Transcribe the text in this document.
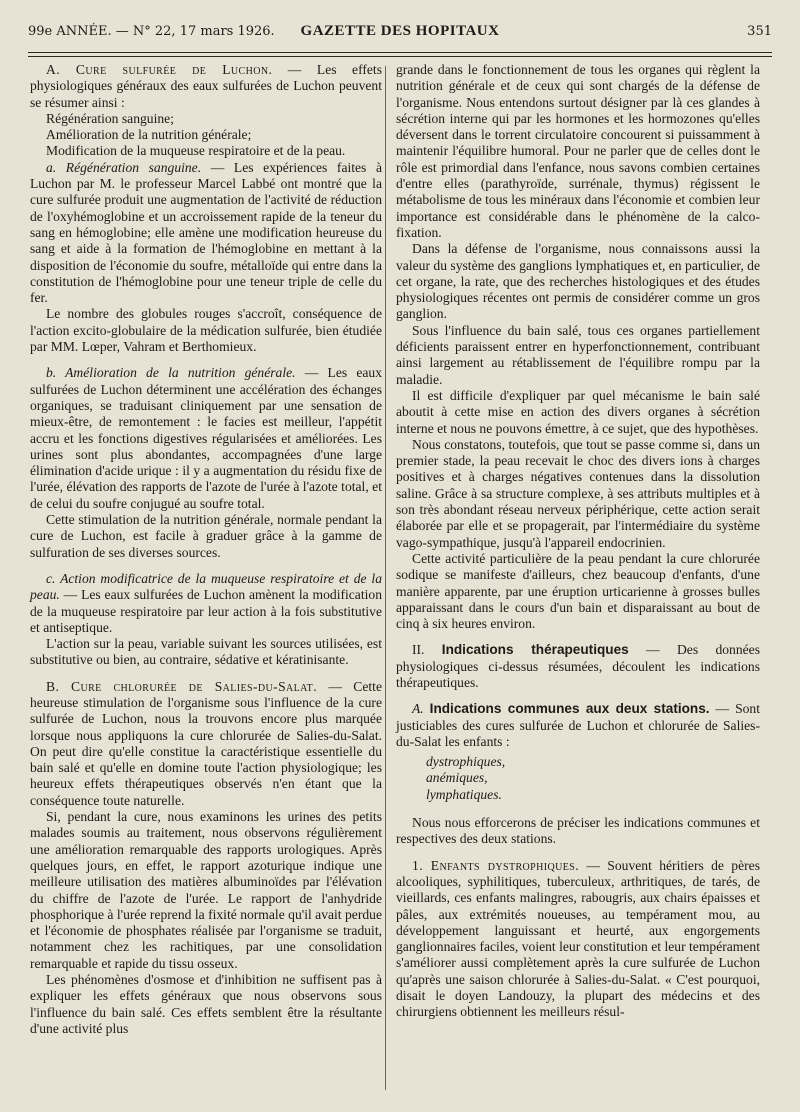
99e ANNÉE. — N° 22, 17 mars 1926.	GAZETTE DES HOPITAUX	351

A. Cure sulfurée de Luchon. — Les effets physiologiques généraux des eaux sulfurées de Luchon peuvent se résumer ainsi :

Régénération sanguine;

Amélioration de la nutrition générale;

Modification de la muqueuse respiratoire et de la peau.

a. Régénération sanguine. — Les expériences faites à Luchon par M. le professeur Marcel Labbé ont montré que la cure sulfurée produit une augmentation de l'activité de réduction de l'oxyhémoglobine et un accroissement rapide de la teneur du sang en hémoglobine; elle amène une modification heureuse du sang et aide à la formation de l'hémoglobine en mettant à la disposition de l'économie du soufre, métalloïde qui entre dans la constitution de l'hémoglobine pour une teneur triple de celle du fer.

Le nombre des globules rouges s'accroît, conséquence de l'action excito-globulaire de la médication sulfurée, bien étudiée par MM. Lœper, Vahram et Berthomieux.

b. Amélioration de la nutrition générale. — Les eaux sulfurées de Luchon déterminent une accélération des échanges organiques, se traduisant cliniquement par une sensation de mieux-être, de remontement : le facies est meilleur, l'appétit accru et les fonctions digestives régularisées et améliorées. Les urines sont plus abondantes, accompagnées d'une large élimination d'acide urique : il y a augmentation du résidu fixe de l'urée, élévation des rapports de l'azote de l'urée à l'azote total, et de celui du soufre conjugué au soufre total.

Cette stimulation de la nutrition générale, normale pendant la cure de Luchon, est facile à graduer grâce à la gamme de sulfuration de ses diverses sources.

c. Action modificatrice de la muqueuse respiratoire et de la peau. — Les eaux sulfurées de Luchon amènent la modification de la muqueuse respiratoire par leur action à la fois substitutive et antiseptique.

L'action sur la peau, variable suivant les sources utilisées, est substitutive ou bien, au contraire, sédative et kératinisante.

B. Cure chlorurée de Salies-du-Salat. — Cette heureuse stimulation de l'organisme sous l'influence de la cure sulfurée de Luchon, nous la trouvons encore plus marquée lorsque nous appliquons la cure chlorurée de Salies-du-Salat. On peut dire qu'elle constitue la caractéristique essentielle du bain salé et qu'elle en domine toute l'action physiologique; les heureux effets thérapeutiques observés n'en étant que la conséquence toute naturelle.

Si, pendant la cure, nous examinons les urines des petits malades soumis au traitement, nous observons régulièrement une amélioration remarquable des rapports urologiques. Après quelques jours, en effet, le rapport azoturique indique une meilleure utilisation des matières albuminoïdes par l'élévation du chiffre de l'azote de l'urée. Le rapport de l'anhydride phosphorique à l'urée reprend la fixité normale qu'il avait perdue et l'économie de phosphates réalisée par l'organisme se traduit, notamment chez les rachitiques, par une consolidation remarquable et rapide du tissu osseux.

Les phénomènes d'osmose et d'inhibition ne suffisent pas à expliquer les effets généraux que nous observons sous l'influence du bain salé. Ces effets semblent être la résultante d'une activité plus

grande dans le fonctionnement de tous les organes qui règlent la nutrition générale et de ceux qui sont chargés de la défense de l'organisme. Nous entendons surtout désigner par là ces glandes à sécrétion interne qui par les hormones et les hormozones qu'elles déversent dans le torrent circulatoire concourent si puissamment à maintenir l'équilibre humoral. Pour ne parler que de celles dont le rôle est primordial dans l'enfance, nous savons combien certaines d'entre elles (parathyroïde, surrénale, thymus) régissent le métabolisme de tous les minéraux dans l'économie et combien leur importance est considérable dans le phénomène de la calco-fixation.

Dans la défense de l'organisme, nous connaissons aussi la valeur du système des ganglions lymphatiques et, en particulier, de cet organe, la rate, que des recherches histologiques et des études physiologiques récentes ont permis de considérer comme un gros ganglion.

Sous l'influence du bain salé, tous ces organes partiellement déficients paraissent entrer en hyperfonctionnement, contribuant ainsi largement au rétablissement de l'équilibre rompu par la maladie.

Il est difficile d'expliquer par quel mécanisme le bain salé aboutit à cette mise en action des divers organes à sécrétion interne et nous ne pouvons émettre, à ce sujet, que des hypothèses.

Nous constatons, toutefois, que tout se passe comme si, dans un premier stade, la peau recevait le choc des divers ions à charges positives et à charges négatives contenues dans la dissolution saline. Grâce à sa structure complexe, à ses attributs multiples et à son très abondant réseau nerveux périphérique, cette action serait élaborée par elle et se propagerait, par l'intermédiaire du système vago-sympathique, jusqu'à l'appareil endocrinien.

Cette activité particulière de la peau pendant la cure chlorurée sodique se manifeste d'ailleurs, chez beaucoup d'enfants, d'une manière apparente, par une éruption urticarienne à grosses bulles apparaissant dans le cours d'un bain et disparaissant au bout de cinq à six heures environ.

II. Indications thérapeutiques — Des données physiologiques ci-dessus résumées, découlent les indications thérapeutiques.

A. Indications communes aux deux stations. — Sont justiciables des cures sulfurée de Luchon et chlorurée de Salies-du-Salat les enfants :

dystrophiques,

anémiques,

lymphatiques.

Nous nous efforcerons de préciser les indications communes et respectives des deux stations.

1. Enfants dystrophiques. — Souvent héritiers de pères alcooliques, syphilitiques, tuberculeux, arthritiques, de tarés, de vieillards, ces enfants malingres, rabougris, aux chairs épaisses et pâles, aux extrémités noueuses, au tempérament mou, au développement languissant et heurté, aux engorgements ganglionnaires faciles, voient leur constitution et leur tempérament s'améliorer aussi complètement après la cure sulfurée de Luchon qu'après une saison chlorurée à Salies-du-Salat. « C'est pourquoi, disait le doyen Landouzy, la plupart des médecins et des chirurgiens obtiennent les meilleurs résul-
